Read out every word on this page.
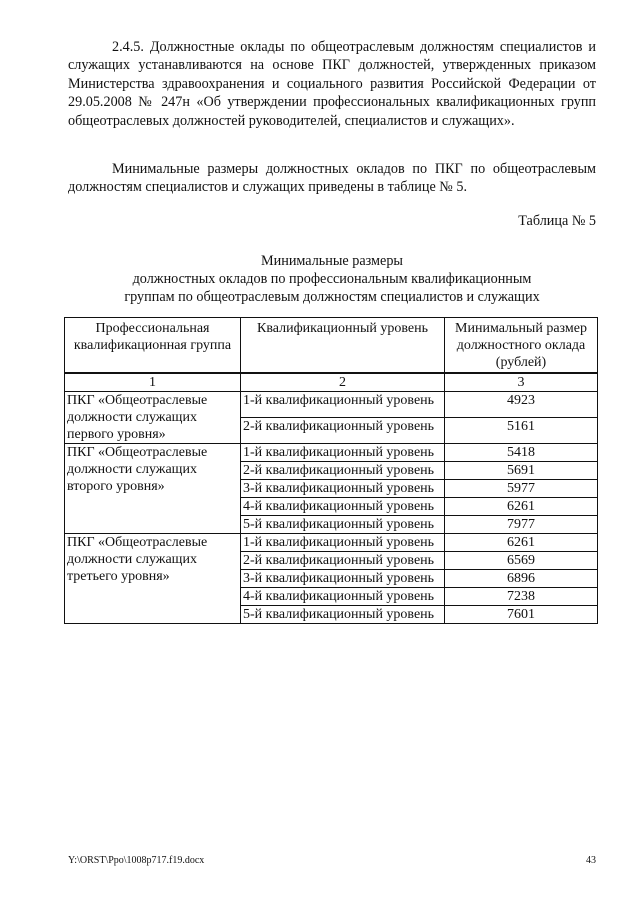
2.4.5. Должностные оклады по общеотраслевым должностям специалистов и служащих устанавливаются на основе ПКГ должностей, утвержденных приказом Министерства здравоохранения и социального развития Российской Федерации от 29.05.2008 № 247н «Об утверждении профессиональных квалификационных групп общеотраслевых должностей руководителей, специалистов и служащих».

Минимальные размеры должностных окладов по ПКГ по общеотраслевым должностям специалистов и служащих приведены в таблице № 5.

Таблица № 5
Минимальные размеры
должностных окладов по профессиональным квалификационным
группам по общеотраслевым должностям специалистов и служащих
Профессиональная квалификационная группа	Квалификационный уровень	Минимальный размер должностного оклада (рублей)
1	2	3
ПКГ «Общеотраслевые должности служащих первого уровня»	1-й квалификационный уровень	4923
	2-й квалификационный уровень	5161
ПКГ «Общеотраслевые должности служащих второго уровня»	1-й квалификационный уровень	5418
	2-й квалификационный уровень	5691
	3-й квалификационный уровень	5977
	4-й квалификационный уровень	6261
	5-й квалификационный уровень	7977
ПКГ «Общеотраслевые должности служащих третьего уровня»	1-й квалификационный уровень	6261
	2-й квалификационный уровень	6569
	3-й квалификационный уровень	6896
	4-й квалификационный уровень	7238
	5-й квалификационный уровень	7601
Y:\ORST\Ppo\1008p717.f19.docx	43
